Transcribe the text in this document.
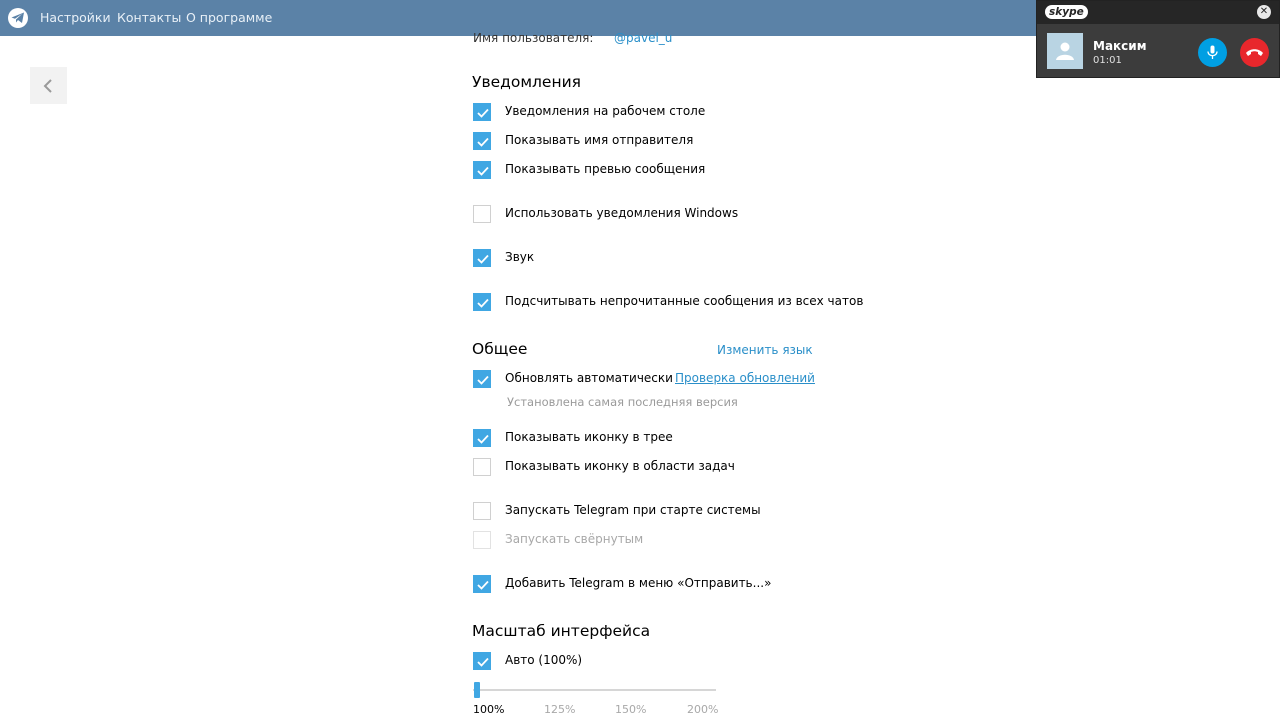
Настройки Контакты О программе
Имя пользователя: @pavel_u
Уведомления
Уведомления на рабочем столе
Показывать имя отправителя
Показывать превью сообщения
Использовать уведомления Windows
Звук
Подсчитывать непрочитанные сообщения из всех чатов
Общее	Изменить язык
Обновлять автоматически Проверка обновлений
Установлена самая последняя версия
Показывать иконку в трее
Показывать иконку в области задач
Запускать Telegram при старте системы
Запускать свёрнутым
Добавить Telegram в меню «Отправить...»
Масштаб интерфейса
Авто (100%)
100%	125%	150%	200%
skype	✕
Максим
01:01
